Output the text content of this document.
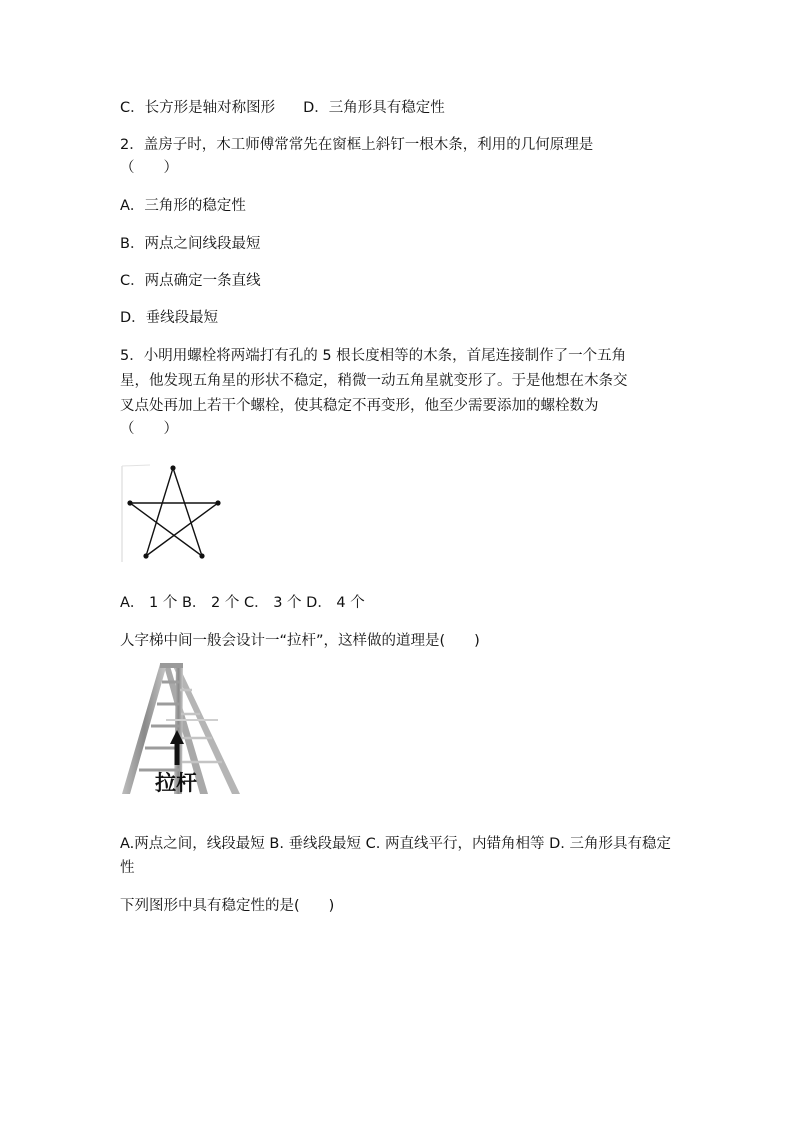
C．长方形是轴对称图形 D．三角形具有稳定性
2．盖房子时，木工师傅常常先在窗框上斜钉一根木条，利用的几何原理是
（　　）
A．三角形的稳定性
B．两点之间线段最短
C．两点确定一条直线
D．垂线段最短
5．小明用螺栓将两端打有孔的 5 根长度相等的木条，首尾连接制作了一个五角
星，他发现五角星的形状不稳定，稍微一动五角星就变形了。于是他想在木条交
叉点处再加上若干个螺栓，使其稳定不再变形，他至少需要添加的螺栓数为
（　　）
A． 1 个 B． 2 个 C． 3 个 D． 4 个
人字梯中间一般会设计一“拉杆”，这样做的道理是(　　)
拉杆
A.两点之间，线段最短 B. 垂线段最短 C. 两直线平行，内错角相等 D. 三角形具有稳定性
下列图形中具有稳定性的是(　　)
